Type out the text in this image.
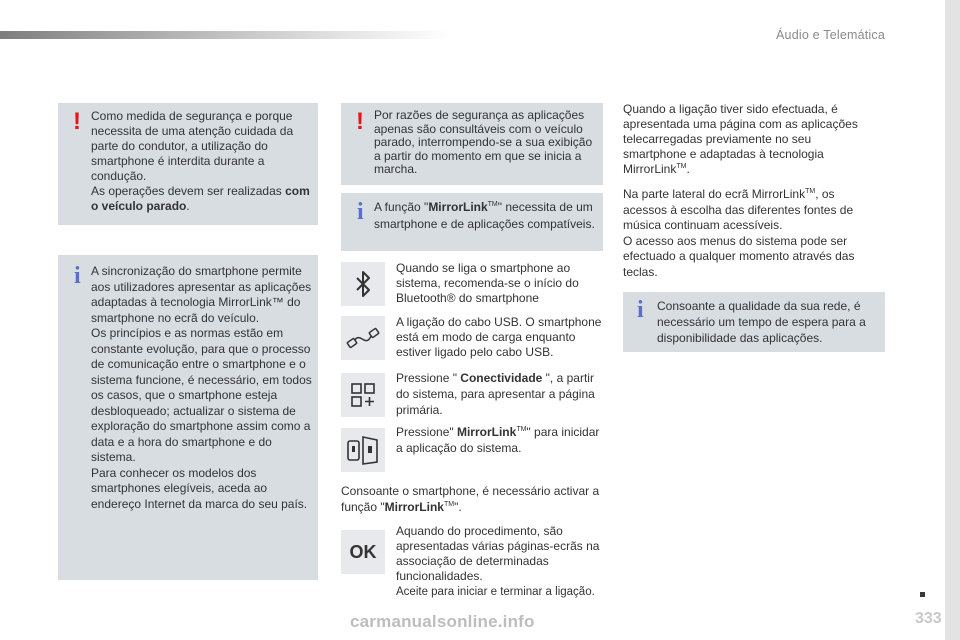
Áudio e Telemática
! Como medida de segurança e porque necessita de uma atenção cuidada da parte do condutor, a utilização do smartphone é interdita durante a condução.
As operações devem ser realizadas com o veículo parado.
i A sincronização do smartphone permite aos utilizadores apresentar as aplicações adaptadas à tecnologia MirrorLink™ do smartphone no ecrã do veículo.
Os princípios e as normas estão em constante evolução, para que o processo de comunicação entre o smartphone e o sistema funcione, é necessário, em todos os casos, que o smartphone esteja desbloqueado; actualizar o sistema de exploração do smartphone assim como a data e a hora do smartphone e do sistema.
Para conhecer os modelos dos smartphones elegíveis, aceda ao endereço Internet da marca do seu país.
! Por razões de segurança as aplicações apenas são consultáveis com o veículo parado, interrompendo-se a sua exibição a partir do momento em que se inicia a marcha.
i A função "MirrorLink™" necessita de um smartphone e de aplicações compatíveis.
Quando se liga o smartphone ao sistema, recomenda-se o início do Bluetooth® do smartphone
A ligação do cabo USB. O smartphone está em modo de carga enquanto estiver ligado pelo cabo USB.
Pressione " Conectividade ", a partir do sistema, para apresentar a página primária.
Pressione" MirrorLink™" para inicidar a aplicação do sistema.
Consoante o smartphone, é necessário activar a função "MirrorLink™".
OK
Aquando do procedimento, são apresentadas várias páginas-ecrãs na associação de determinadas funcionalidades.
Aceite para iniciar e terminar a ligação.
Quando a ligação tiver sido efectuada, é apresentada uma página com as aplicações telecarregadas previamente no seu smartphone e adaptadas à tecnologia MirrorLink™.
Na parte lateral do ecrã MirrorLink™, os acessos à escolha das diferentes fontes de música continuam acessíveis.
O acesso aos menus do sistema pode ser efectuado a qualquer momento através das teclas.
i Consoante a qualidade da sua rede, é necessário um tempo de espera para a disponibilidade das aplicações.
333
carmanualsonline.info
